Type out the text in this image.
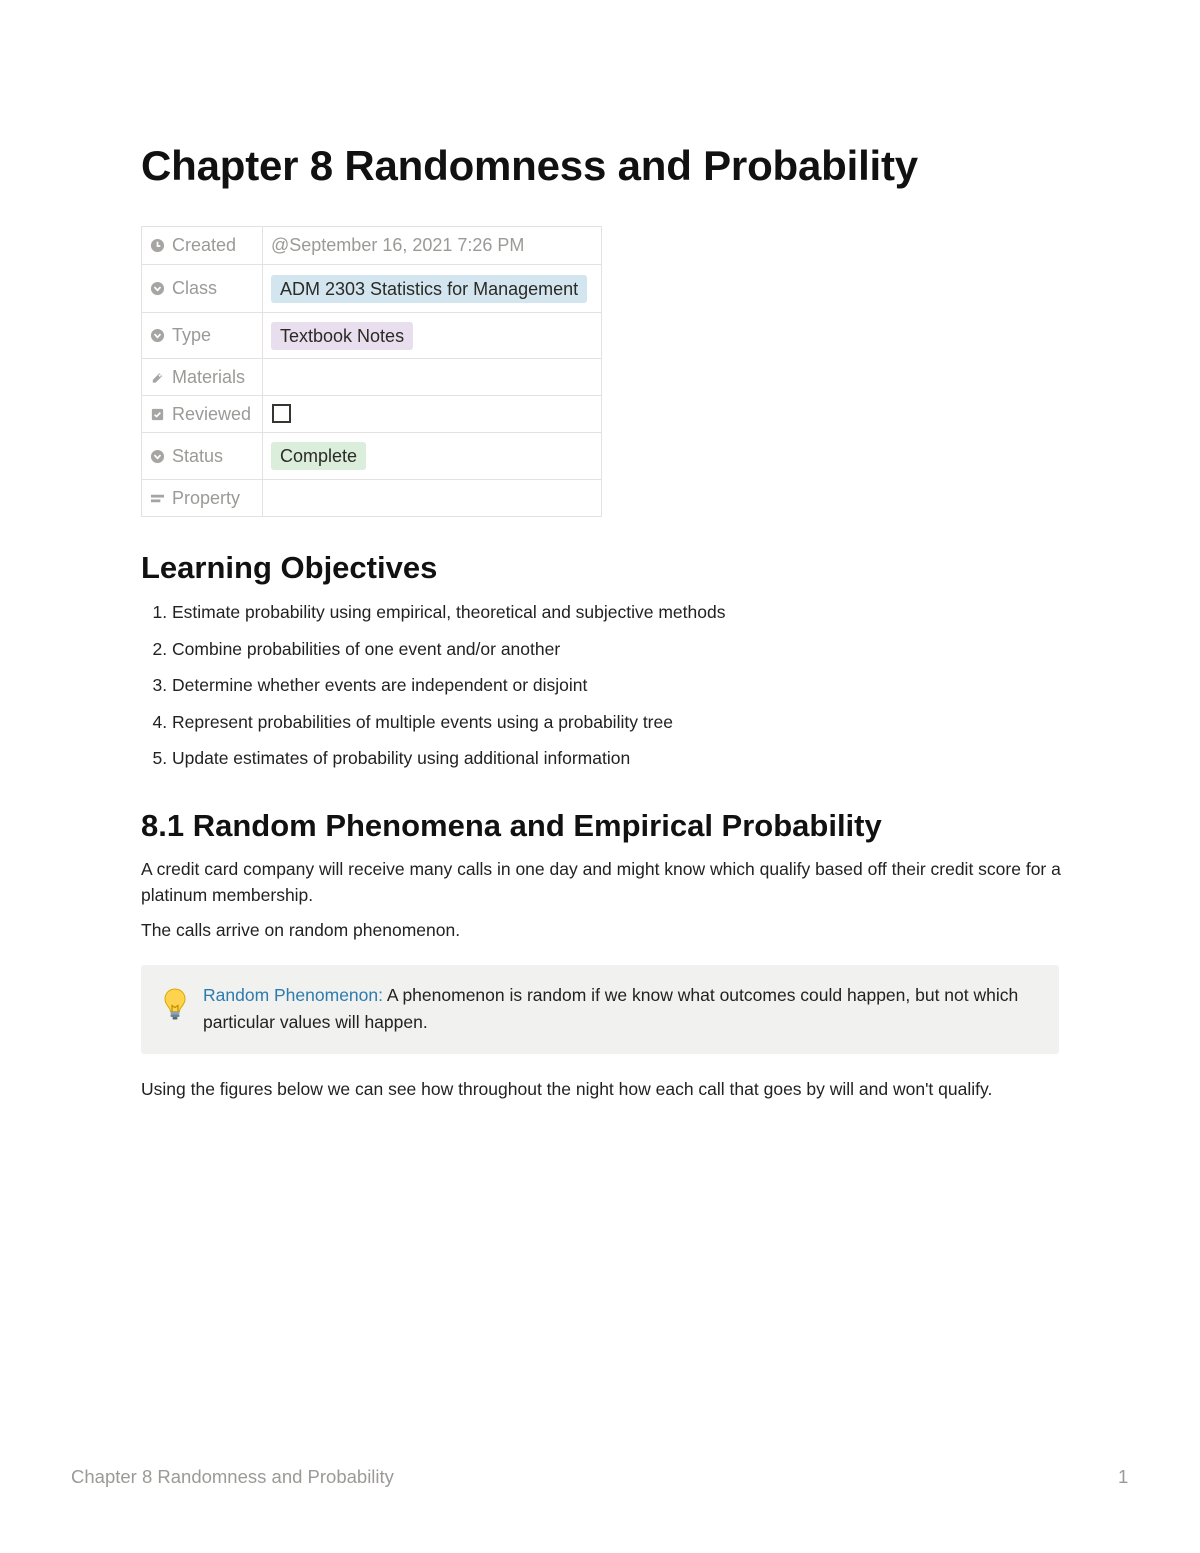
Chapter 8 Randomness and Probability
Created	@September 16, 2021 7:26 PM
Class	ADM 2303 Statistics for Management
Type	Textbook Notes
Materials	
Reviewed	
Status	Complete
Property	
Learning Objectives
1. Estimate probability using empirical, theoretical and subjective methods
2. Combine probabilities of one event and/or another
3. Determine whether events are independent or disjoint
4. Represent probabilities of multiple events using a probability tree
5. Update estimates of probability using additional information
8.1 Random Phenomena and Empirical Probability

A credit card company will receive many calls in one day and might know which qualify based off their credit score for a platinum membership.

The calls arrive on random phenomenon.

Random Phenomenon: A phenomenon is random if we know what outcomes could happen, but not which particular values will happen.

Using the figures below we can see how throughout the night how each call that goes by will and won't qualify.

Chapter 8 Randomness and Probability	1
